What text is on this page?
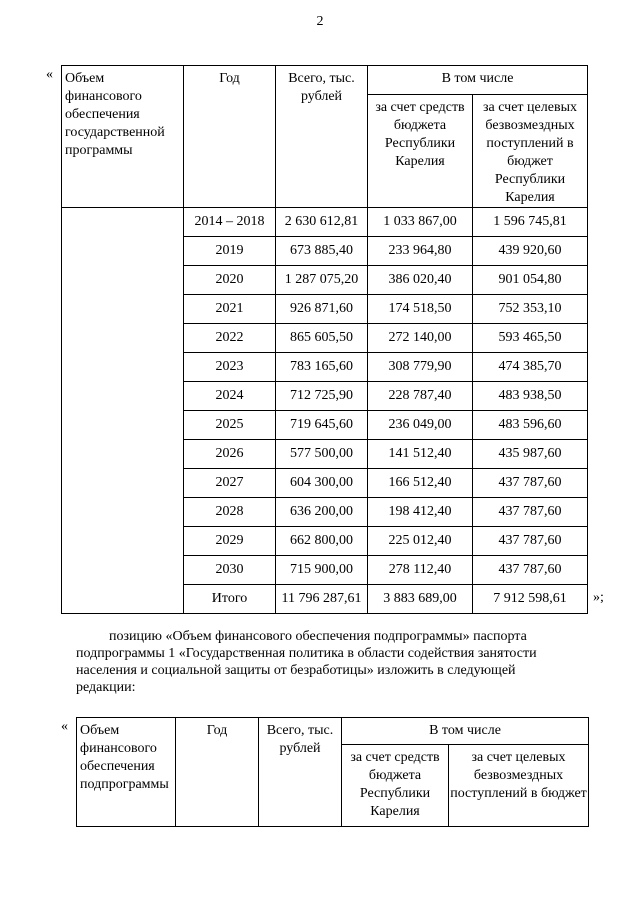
2
« Объем финансового обеспечения государственной программы	Год	Всего, тыс. рублей	В том числе	
			за счет средств бюджета Республики Карелия	за счет целевых безвозмездных поступлений в бюджет Республики Карелия
	2014 – 2018	2 630 612,81	1 033 867,00	1 596 745,81
	2019	673 885,40	233 964,80	439 920,60
	2020	1 287 075,20	386 020,40	901 054,80
	2021	926 871,60	174 518,50	752 353,10
	2022	865 605,50	272 140,00	593 465,50
	2023	783 165,60	308 779,90	474 385,70
	2024	712 725,90	228 787,40	483 938,50
	2025	719 645,60	236 049,00	483 596,60
	2026	577 500,00	141 512,40	435 987,60
	2027	604 300,00	166 512,40	437 787,60
	2028	636 200,00	198 412,40	437 787,60
	2029	662 800,00	225 012,40	437 787,60
	2030	715 900,00	278 112,40	437 787,60
	Итого	11 796 287,61	3 883 689,00	7 912 598,61 »;
позицию «Объем финансового обеспечения подпрограммы» паспорта
подпрограммы 1 «Государственная политика в области содействия занятости
населения и социальной защиты от безработицы» изложить в следующей
редакции:
« Объем финансового обеспечения подпрограммы	Год	Всего, тыс. рублей	В том числе	
			за счет средств бюджета Республики Карелия	за счет целевых безвозмездных поступлений в бюджет
